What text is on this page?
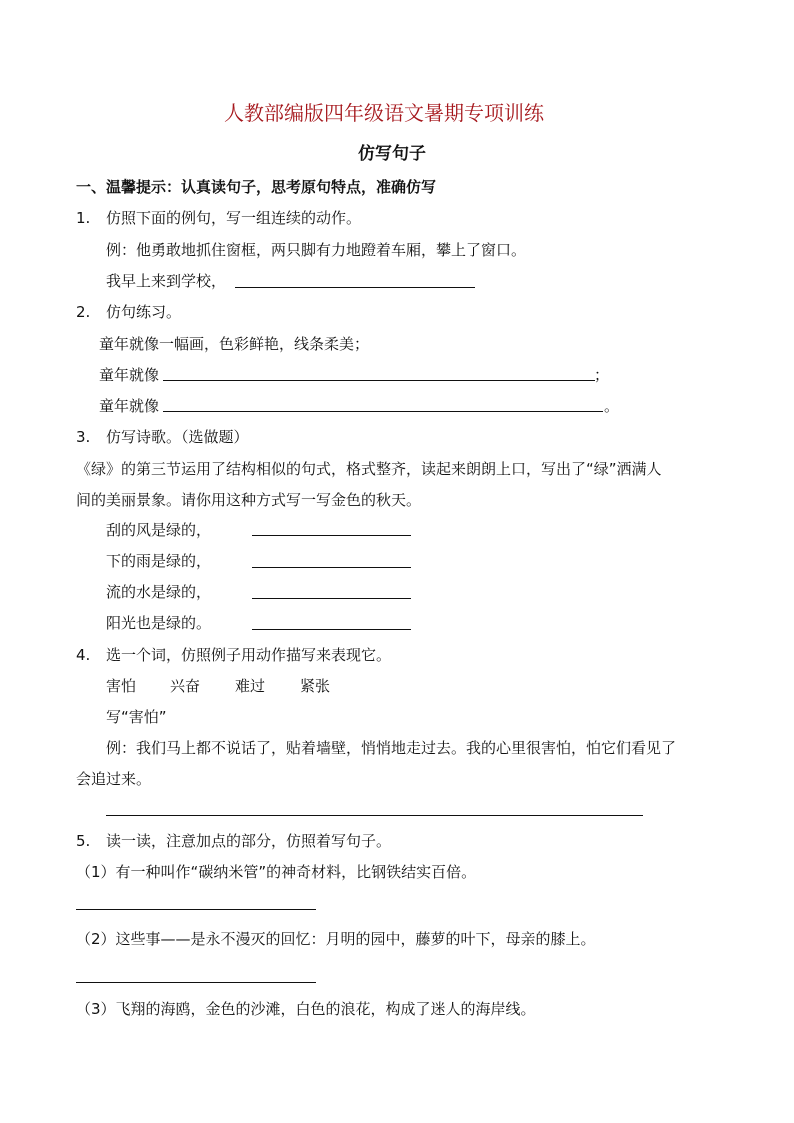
人教部编版四年级语文暑期专项训练
仿写句子
一、温馨提示：认真读句子，思考原句特点，准确仿写
1. 仿照下面的例句，写一组连续的动作。
例：他勇敢地抓住窗框，两只脚有力地蹬着车厢，攀上了窗口。
我早上来到学校，
2. 仿句练习。
童年就像一幅画，色彩鲜艳，线条柔美；
童年就像	；
童年就像	。
3. 仿写诗歌。（选做题）
《绿》的第三节运用了结构相似的句式，格式整齐，读起来朗朗上口，写出了“绿”洒满人
间的美丽景象。请你用这种方式写一写金色的秋天。
刮的风是绿的，
下的雨是绿的，
流的水是绿的，
阳光也是绿的。
4. 选一个词，仿照例子用动作描写来表现它。
害怕 兴奋 难过 紧张
写“害怕”
例：我们马上都不说话了，贴着墙壁，悄悄地走过去。我的心里很害怕，怕它们看见了
会追过来。
5. 读一读，注意加点的部分，仿照着写句子。
（1）有一种叫作“碳纳米管”的神奇材料，比钢铁结实百倍。
（2）这些事——是永不漫灭的回忆：月明的园中，藤萝的叶下，母亲的膝上。
（3）飞翔的海鸥，金色的沙滩，白色的浪花，构成了迷人的海岸线。
